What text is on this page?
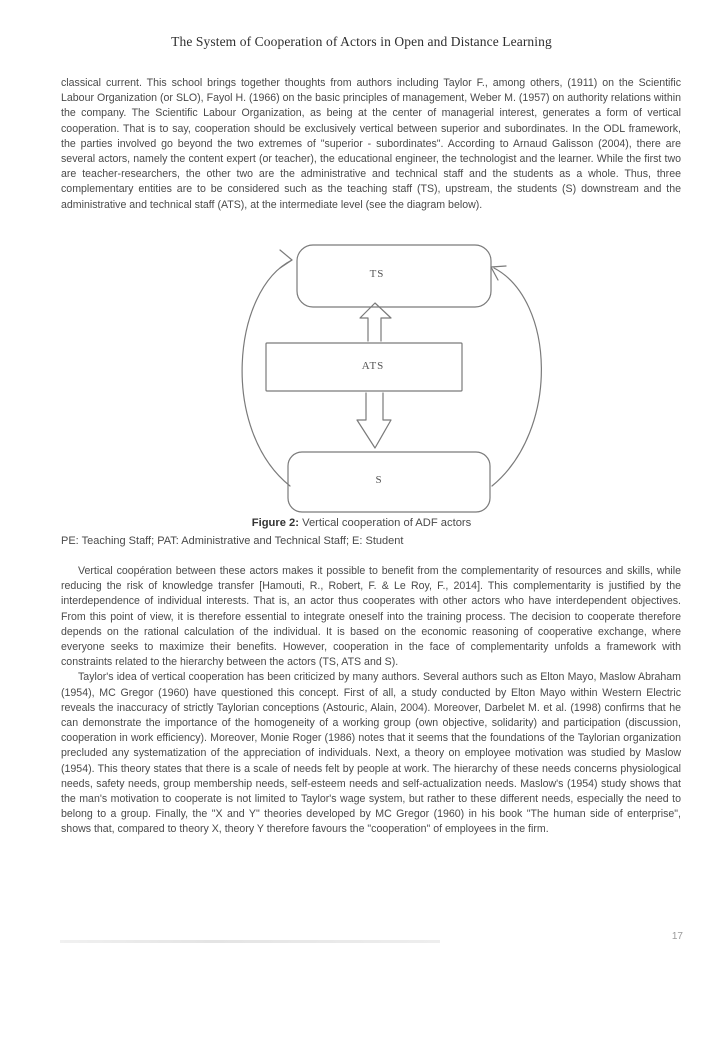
The System of Cooperation of Actors in Open and Distance Learning

classical current. This school brings together thoughts from authors including Taylor F., among others, (1911) on the Scientific Labour Organization (or SLO), Fayol H. (1966) on the basic principles of management, Weber M. (1957) on authority relations within the company. The Scientific Labour Organization, as being at the center of managerial interest, generates a form of vertical cooperation. That is to say, cooperation should be exclusively vertical between superior and subordinates. In the ODL framework, the parties involved go beyond the two extremes of "superior - subordinates". According to Arnaud Galisson (2004), there are several actors, namely the content expert (or teacher), the educational engineer, the technologist and the learner. While the first two are teacher-researchers, the other two are the administrative and technical staff and the students as a whole. Thus, three complementary entities are to be considered such as the teaching staff (TS), upstream, the students (S) downstream and the administrative and technical staff (ATS), at the intermediate level (see the diagram below).

TS
ATS
S
Figure 2: Vertical cooperation of ADF actors
PE: Teaching Staff; PAT: Administrative and Technical Staff; E: Student

Vertical coopération between these actors makes it possible to benefit from the complementarity of resources and skills, while reducing the risk of knowledge transfer [Hamouti, R., Robert, F. & Le Roy, F., 2014]. This complementarity is justified by the interdependence of individual interests. That is, an actor thus cooperates with other actors who have interdependent objectives. From this point of view, it is therefore essential to integrate oneself into the training process. The decision to cooperate therefore depends on the rational calculation of the individual. It is based on the economic reasoning of cooperative exchange, where everyone seeks to maximize their benefits. However, cooperation in the face of complementarity unfolds a framework with constraints related to the hierarchy between the actors (TS, ATS and S).

Taylor's idea of vertical cooperation has been criticized by many authors. Several authors such as Elton Mayo, Maslow Abraham (1954), MC Gregor (1960) have questioned this concept. First of all, a study conducted by Elton Mayo within Western Electric reveals the inaccuracy of strictly Taylorian conceptions (Astouric, Alain, 2004). Moreover, Darbelet M. et al. (1998) confirms that he can demonstrate the importance of the homogeneity of a working group (own objective, solidarity) and participation (discussion, cooperation in work efficiency). Moreover, Monie Roger (1986) notes that it seems that the foundations of the Taylorian organization precluded any systematization of the appreciation of individuals. Next, a theory on employee motivation was studied by Maslow (1954). This theory states that there is a scale of needs felt by people at work. The hierarchy of these needs concerns physiological needs, safety needs, group membership needs, self-esteem needs and self-actualization needs. Maslow's (1954) study shows that the man's motivation to cooperate is not limited to Taylor's wage system, but rather to these different needs, especially the need to belong to a group. Finally, the "X and Y" theories developed by MC Gregor (1960) in his book "The human side of enterprise", shows that, compared to theory X, theory Y therefore favours the "cooperation" of employees in the firm.

17
